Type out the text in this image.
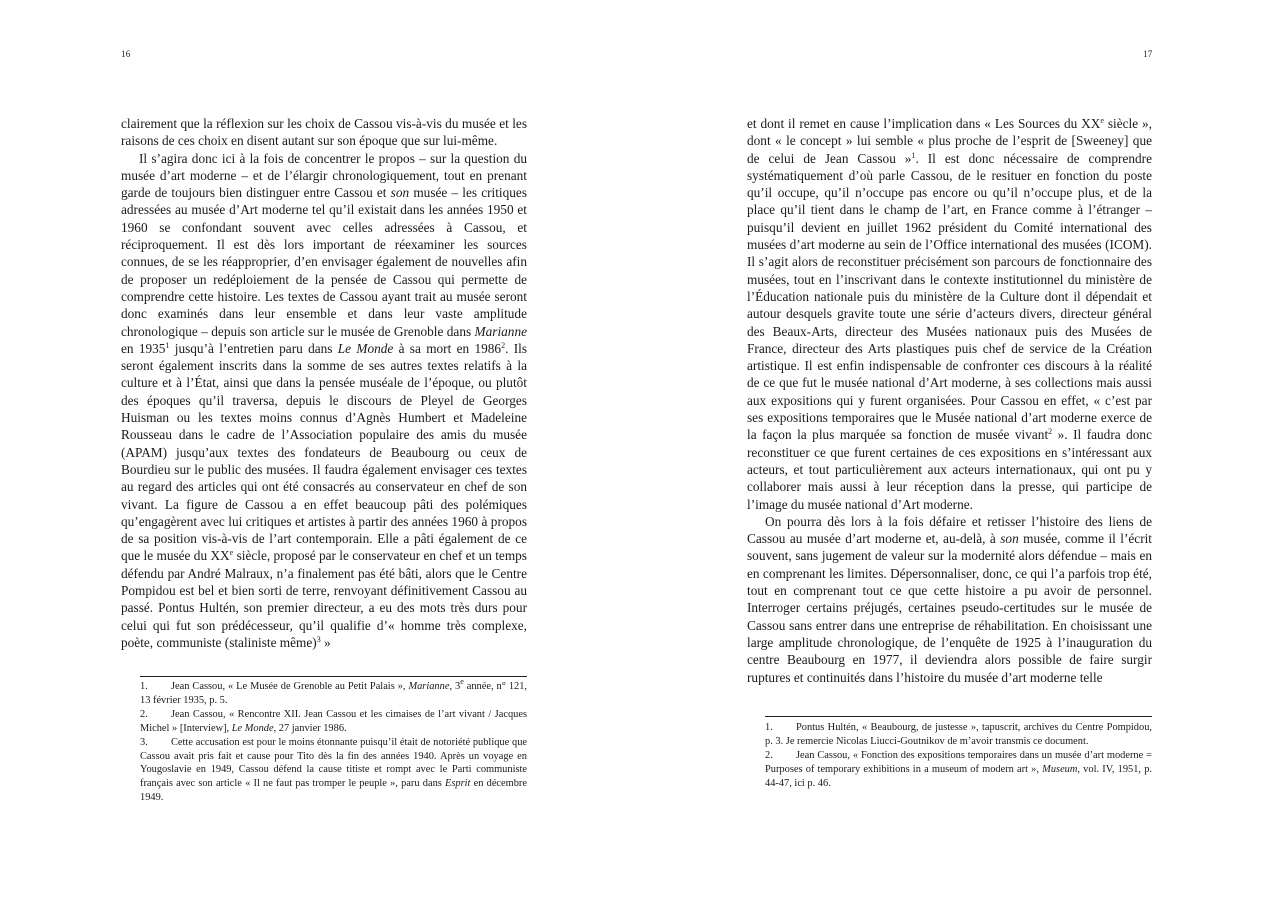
16	17

clairement que la réflexion sur les choix de Cassou vis-à-vis du musée et les raisons de ces choix en disent autant sur son époque que sur lui-même.

Il s’agira donc ici à la fois de concentrer le propos – sur la question du musée d’art moderne – et de l’élargir chronologiquement, tout en prenant garde de toujours bien distinguer entre Cassou et son musée – les critiques adressées au musée d’Art moderne tel qu’il existait dans les années 1950 et 1960 se confondant souvent avec celles adressées à Cassou, et réciproquement. Il est dès lors important de réexaminer les sources connues, de se les réapproprier, d’en envisager également de nouvelles afin de proposer un redéploiement de la pensée de Cassou qui permette de comprendre cette histoire. Les textes de Cassou ayant trait au musée seront donc examinés dans leur ensemble et dans leur vaste amplitude chronologique – depuis son article sur le musée de Grenoble dans Marianne en 1935$^1$ jusqu’à l’entretien paru dans Le Monde à sa mort en 1986$^2$. Ils seront également inscrits dans la somme de ses autres textes relatifs à la culture et à l’État, ainsi que dans la pensée muséale de l’époque, ou plutôt des époques qu’il traversa, depuis le discours de Pleyel de Georges Huisman ou les textes moins connus d’Agnès Humbert et Madeleine Rousseau dans le cadre de l’Association populaire des amis du musée (APAM) jusqu’aux textes des fondateurs de Beaubourg ou ceux de Bourdieu sur le public des musées. Il faudra également envisager ces textes au regard des articles qui ont été consacrés au conservateur en chef de son vivant. La figure de Cassou a en effet beaucoup pâti des polémiques qu’engagèrent avec lui critiques et artistes à partir des années 1960 à propos de sa position vis-à-vis de l’art contemporain. Elle a pâti également de ce que le musée du XXe siècle, proposé par le conservateur en chef et un temps défendu par André Malraux, n’a finalement pas été bâti, alors que le Centre Pompidou est bel et bien sorti de terre, renvoyant définitivement Cassou au passé. Pontus Hultén, son premier directeur, a eu des mots très durs pour celui qui fut son prédécesseur, qu’il qualifie d’« homme très complexe, poète, communiste (staliniste même)$^3$ »

1. Jean Cassou, « Le Musée de Grenoble au Petit Palais », Marianne, 3e année, n° 121, 13 février 1935, p. 5.

2. Jean Cassou, « Rencontre XII. Jean Cassou et les cimaises de l’art vivant / Jacques Michel » [Interview], Le Monde, 27 janvier 1986.

3. Cette accusation est pour le moins étonnante puisqu’il était de notoriété publique que Cassou avait pris fait et cause pour Tito dès la fin des années 1940. Après un voyage en Yougoslavie en 1949, Cassou défend la cause titiste et rompt avec le Parti communiste français avec son article « Il ne faut pas tromper le peuple », paru dans Esprit en décembre 1949.

et dont il remet en cause l’implication dans « Les Sources du XXe siècle », dont « le concept » lui semble « plus proche de l’esprit de [Sweeney] que de celui de Jean Cassou »$^1$. Il est donc nécessaire de comprendre systématiquement d’où parle Cassou, de le resituer en fonction du poste qu’il occupe, qu’il n’occupe pas encore ou qu’il n’occupe plus, et de la place qu’il tient dans le champ de l’art, en France comme à l’étranger – puisqu’il devient en juillet 1962 président du Comité international des musées d’art moderne au sein de l’Office international des musées (ICOM). Il s’agit alors de reconstituer précisément son parcours de fonctionnaire des musées, tout en l’inscrivant dans le contexte institutionnel du ministère de l’Éducation nationale puis du ministère de la Culture dont il dépendait et autour desquels gravite toute une série d’acteurs divers, directeur général des Beaux-Arts, directeur des Musées nationaux puis des Musées de France, directeur des Arts plastiques puis chef de service de la Création artistique. Il est enfin indispensable de confronter ces discours à la réalité de ce que fut le musée national d’Art moderne, à ses collections mais aussi aux expositions qui y furent organisées. Pour Cassou en effet, « c’est par ses expositions temporaires que le Musée national d’art moderne exerce de la façon la plus marquée sa fonction de musée vivant$^2$ ». Il faudra donc reconstituer ce que furent certaines de ces expositions en s’intéressant aux acteurs, et tout particulièrement aux acteurs internationaux, qui ont pu y collaborer mais aussi à leur réception dans la presse, qui participe de l’image du musée national d’Art moderne.

On pourra dès lors à la fois défaire et retisser l’histoire des liens de Cassou au musée d’art moderne et, au-delà, à son musée, comme il l’écrit souvent, sans jugement de valeur sur la modernité alors défendue – mais en en comprenant les limites. Dépersonnaliser, donc, ce qui l’a parfois trop été, tout en comprenant tout ce que cette histoire a pu avoir de personnel. Interroger certains préjugés, certaines pseudo-certitudes sur le musée de Cassou sans entrer dans une entreprise de réhabilitation. En choisissant une large amplitude chronologique, de l’enquête de 1925 à l’inauguration du centre Beaubourg en 1977, il deviendra alors possible de faire surgir ruptures et continuités dans l’histoire du musée d’art moderne telle

1. Pontus Hultén, « Beaubourg, de justesse », tapuscrit, archives du Centre Pompidou, p. 3. Je remercie Nicolas Liucci-Goutnikov de m’avoir transmis ce document.

2. Jean Cassou, « Fonction des expositions temporaires dans un musée d’art moderne = Purposes of temporary exhibitions in a museum of modern art », Museum, vol. IV, 1951, p. 44-47, ici p. 46.
